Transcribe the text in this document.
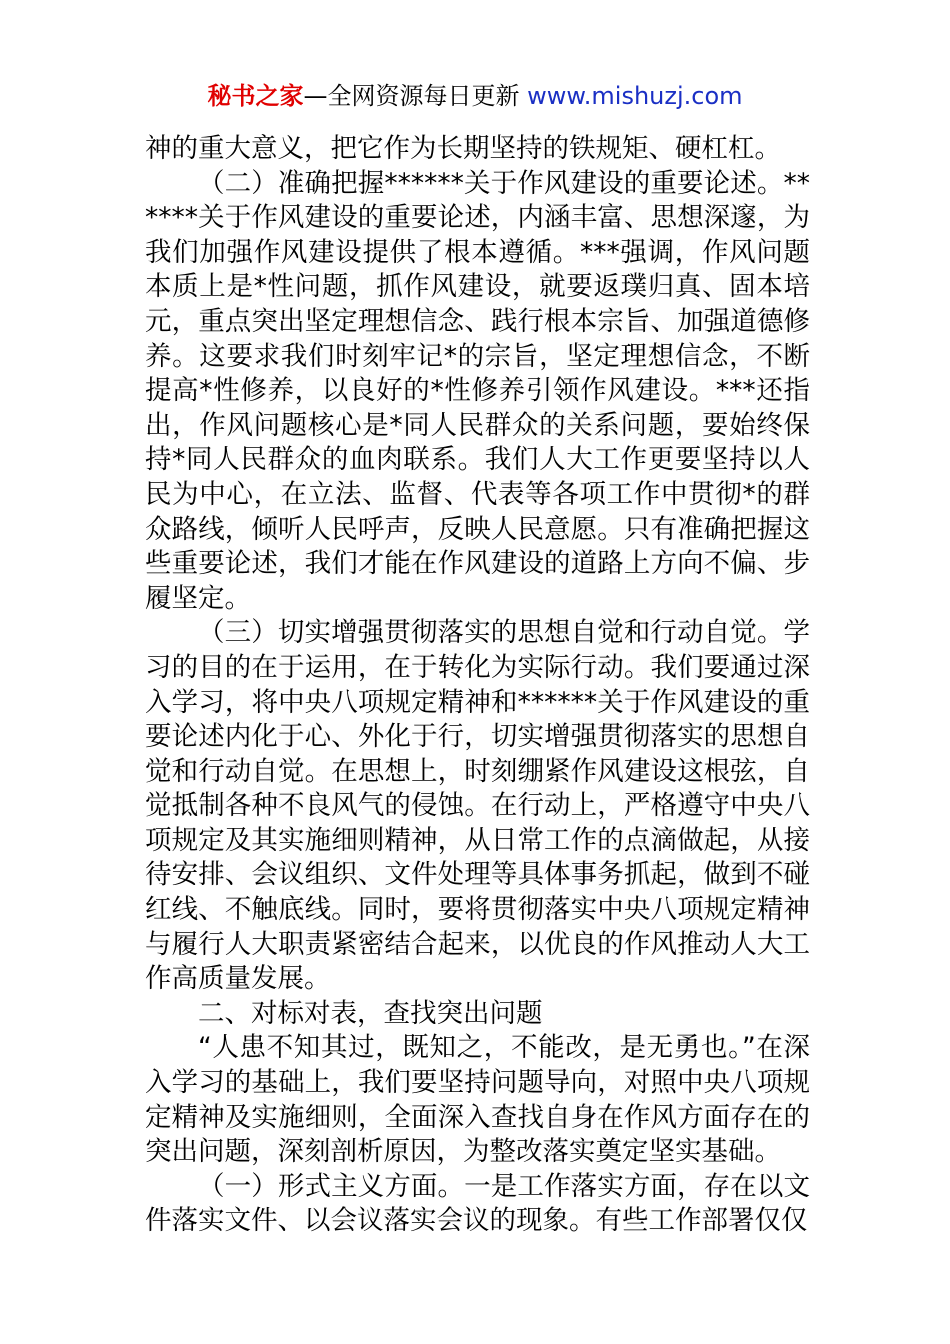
秘书之家—全网资源每日更新 www.mishuzj.com

神的重大意义，把它作为长期坚持的铁规矩、硬杠杠。

（二）准确把握******关于作风建设的重要论述。******关于作风建设的重要论述，内涵丰富、思想深邃，为我们加强作风建设提供了根本遵循。***强调，作风问题本质上是*性问题，抓作风建设，就要返璞归真、固本培元，重点突出坚定理想信念、践行根本宗旨、加强道德修养。这要求我们时刻牢记*的宗旨，坚定理想信念，不断提高*性修养，以良好的*性修养引领作风建设。***还指出，作风问题核心是*同人民群众的关系问题，要始终保持*同人民群众的血肉联系。我们人大工作更要坚持以人民为中心，在立法、监督、代表等各项工作中贯彻*的群众路线，倾听人民呼声，反映人民意愿。只有准确把握这些重要论述，我们才能在作风建设的道路上方向不偏、步履坚定。

（三）切实增强贯彻落实的思想自觉和行动自觉。学习的目的在于运用，在于转化为实际行动。我们要通过深入学习，将中央八项规定精神和******关于作风建设的重要论述内化于心、外化于行，切实增强贯彻落实的思想自觉和行动自觉。在思想上，时刻绷紧作风建设这根弦，自觉抵制各种不良风气的侵蚀。在行动上，严格遵守中央八项规定及其实施细则精神，从日常工作的点滴做起，从接待安排、会议组织、文件处理等具体事务抓起，做到不碰红线、不触底线。同时，要将贯彻落实中央八项规定精神与履行人大职责紧密结合起来，以优良的作风推动人大工作高质量发展。

二、对标对表，查找突出问题

“人患不知其过，既知之，不能改，是无勇也。”在深入学习的基础上，我们要坚持问题导向，对照中央八项规定精神及实施细则，全面深入查找自身在作风方面存在的突出问题，深刻剖析原因，为整改落实奠定坚实基础。

（一）形式主义方面。一是工作落实方面，存在以文件落实文件、以会议落实会议的现象。有些工作部署仅仅
